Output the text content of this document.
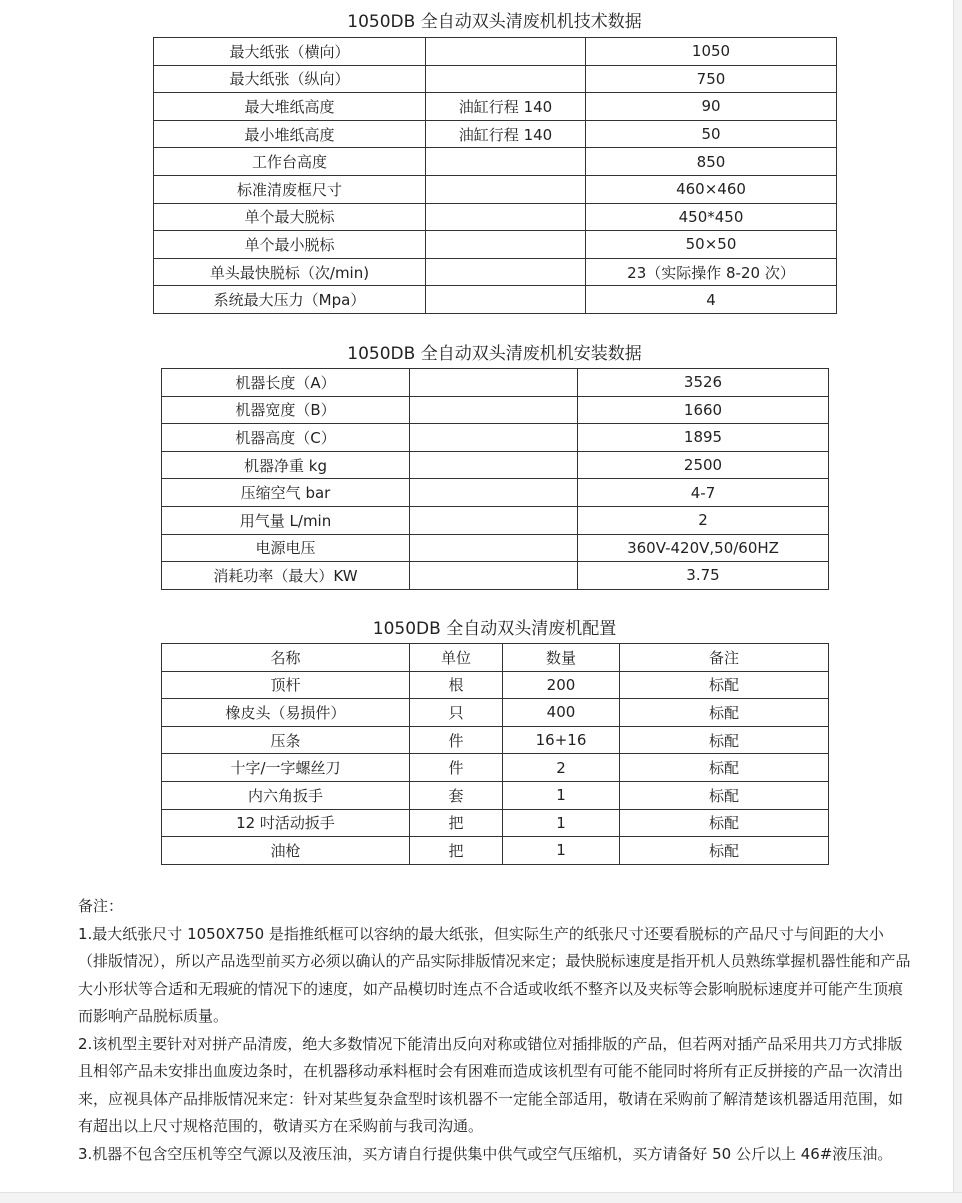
1050DB 全自动双头清废机机技术数据
最大纸张（横向）		1050
最大纸张（纵向）		750
最大堆纸高度	油缸行程 140	90
最小堆纸高度	油缸行程 140	50
工作台高度		850
标准清废框尺寸		460×460
单个最大脱标		450*450
单个最小脱标		50×50
单头最快脱标（次/min)		23（实际操作 8-20 次）
系统最大压力（Mpa）		4
1050DB 全自动双头清废机机安装数据
机器长度（A）		3526
机器宽度（B）		1660
机器高度（C）		1895
机器净重 kg		2500
压缩空气 bar		4-7
用气量 L/min		2
电源电压		360V-420V,50/60HZ
消耗功率（最大）KW		3.75
1050DB 全自动双头清废机配置
名称	单位	数量	备注
顶杆	根	200	标配
橡皮头（易损件）	只	400	标配
压条	件	16+16	标配
十字/一字螺丝刀	件	2	标配
内六角扳手	套	1	标配
12 吋活动扳手	把	1	标配
油枪	把	1	标配

备注：

1.最大纸张尺寸 1050X750 是指推纸框可以容纳的最大纸张，但实际生产的纸张尺寸还要看脱标的产品尺寸与间距的大小（排版情况），所以产品选型前买方必须以确认的产品实际排版情况来定；最快脱标速度是指开机人员熟练掌握机器性能和产品大小形状等合适和无瑕疵的情况下的速度，如产品模切时连点不合适或收纸不整齐以及夹标等会影响脱标速度并可能产生顶痕而影响产品脱标质量。

2.该机型主要针对对拼产品清废，绝大多数情况下能清出反向对称或错位对插排版的产品，但若两对插产品采用共刀方式排版且相邻产品未安排出血废边条时，在机器移动承料框时会有困难而造成该机型有可能不能同时将所有正反拼接的产品一次清出来，应视具体产品排版情况来定：针对某些复杂盒型时该机器不一定能全部适用，敬请在采购前了解清楚该机器适用范围，如有超出以上尺寸规格范围的，敬请买方在采购前与我司沟通。

3.机器不包含空压机等空气源以及液压油，买方请自行提供集中供气或空气压缩机，买方请备好 50 公斤以上 46#液压油。
